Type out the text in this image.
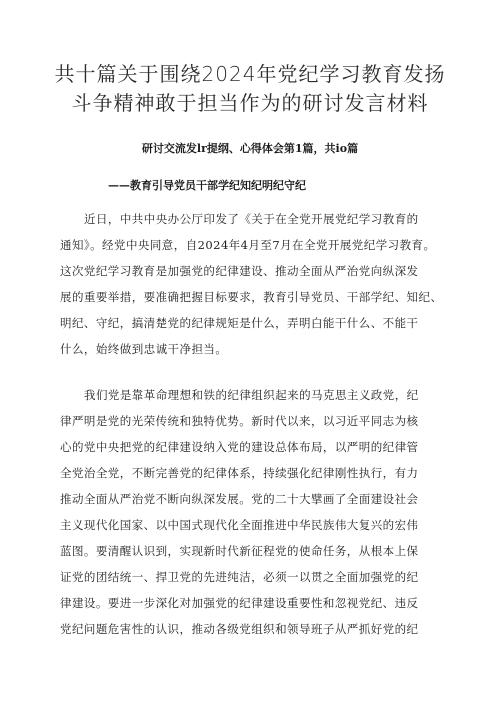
共十篇关于围绕2024年党纪学习教育发扬
斗争精神敢于担当作为的研讨发言材料
研讨交流发lr提纲、心得体会第1篇，共io篇
——教育引导党员干部学纪知纪明纪守纪
近日，中共中央办公厅印发了《关于在全党开展党纪学习教育的
通知》。经党中央同意，自2024年4月至7月在全党开展党纪学习教育。
这次党纪学习教育是加强党的纪律建设、推动全面从严治党向纵深发
展的重要举措，要准确把握目标要求，教育引导党员、干部学纪、知纪、
明纪、守纪，搞清楚党的纪律规矩是什么，弄明白能干什么、不能干
什么，始终做到忠诚干净担当。
我们党是靠革命理想和铁的纪律组织起来的马克思主义政党，纪
律严明是党的光荣传统和独特优势。新时代以来，以习近平同志为核
心的党中央把党的纪律建设纳入党的建设总体布局，以严明的纪律管
全党治全党，不断完善党的纪律体系，持续强化纪律刚性执行，有力
推动全面从严治党不断向纵深发展。党的二十大擘画了全面建设社会
主义现代化国家、以中国式现代化全面推进中华民族伟大复兴的宏伟
蓝图。要清醒认识到，实现新时代新征程党的使命任务，从根本上保
证党的团结统一、捍卫党的先进纯洁，必须一以贯之全面加强党的纪
律建设。要进一步深化对加强党的纪律建设重要性和忽视党纪、违反
党纪问题危害性的认识，推动各级党组织和领导班子从严抓好党的纪
